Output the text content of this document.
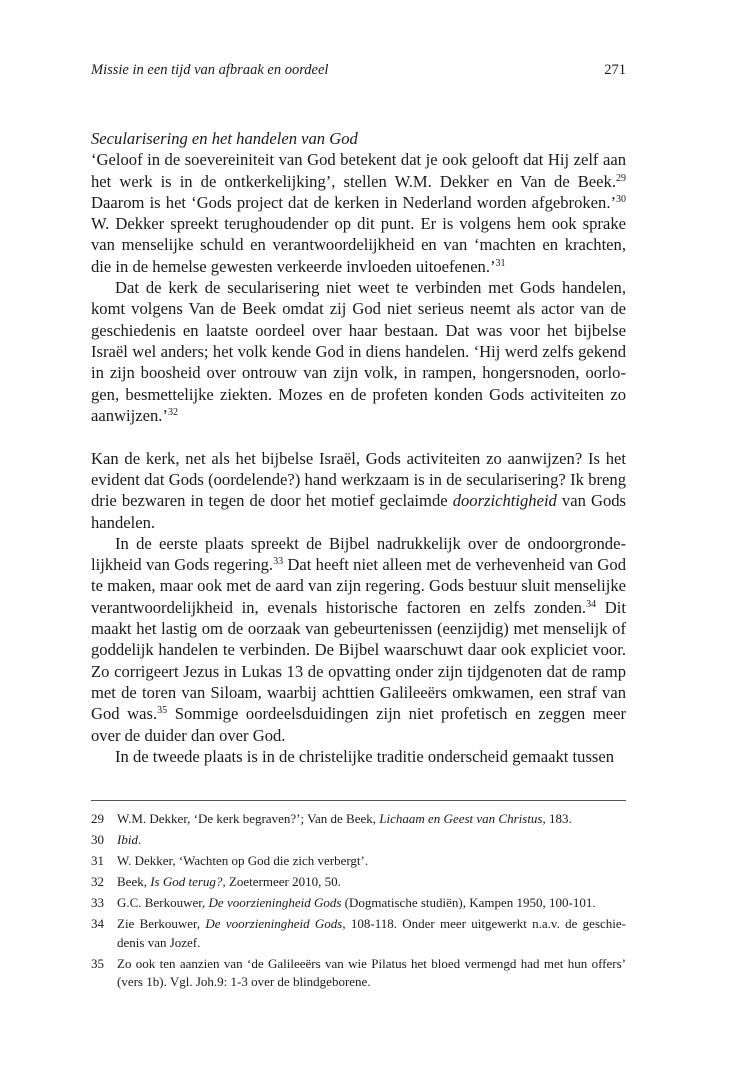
Missie in een tijd van afbraak en oordeel	271

Secularisering en het handelen van God

‘Geloof in de soevereiniteit van God betekent dat je ook gelooft dat Hij zelf aan het werk is in de ontkerkelijking’, stellen W.M. Dekker en Van de Beek.$^{29}$ Daarom is het ‘Gods project dat de kerken in Nederland worden afgebroken.’$^{30}$ W. Dekker spreekt terughoudender op dit punt. Er is volgens hem ook sprake van menselijke schuld en verantwoordelijkheid en van ‘machten en krachten, die in de hemelse gewesten verkeerde invloeden uitoefenen.’$^{31}$

Dat de kerk de secularisering niet weet te verbinden met Gods handelen, komt volgens Van de Beek omdat zij God niet serieus neemt als actor van de geschiedenis en laatste oordeel over haar bestaan. Dat was voor het bijbelse Israël wel anders; het volk kende God in diens handelen. ‘Hij werd zelfs gekend in zijn boosheid over ontrouw van zijn volk, in rampen, hongersnoden, oorlogen, besmettelijke ziekten. Mozes en de profeten konden Gods activiteiten zo aanwijzen.’$^{32}$

Kan de kerk, net als het bijbelse Israël, Gods activiteiten zo aanwijzen? Is het evident dat Gods (oordelende?) hand werkzaam is in de secularisering? Ik breng drie bezwaren in tegen de door het motief geclaimde doorzichtigheid van Gods handelen.

In de eerste plaats spreekt de Bijbel nadrukkelijk over de ondoorgrondelijkheid van Gods regering.$^{33}$ Dat heeft niet alleen met de verhevenheid van God te maken, maar ook met de aard van zijn regering. Gods bestuur sluit menselijke verantwoordelijkheid in, evenals historische factoren en zelfs zonden.$^{34}$ Dit maakt het lastig om de oorzaak van gebeurtenissen (eenzijdig) met menselijk of goddelijk handelen te verbinden. De Bijbel waarschuwt daar ook expliciet voor. Zo corrigeert Jezus in Lukas 13 de opvatting onder zijn tijdgenoten dat de ramp met de toren van Siloam, waarbij achttien Galileeërs omkwamen, een straf van God was.$^{35}$ Sommige oordeelsduidingen zijn niet profetisch en zeggen meer over de duider dan over God.

In de tweede plaats is in de christelijke traditie onderscheid gemaakt tussen

29	W.M. Dekker, ‘De kerk begraven?’; Van de Beek, Lichaam en Geest van Christus, 183.
30	Ibid.
31	W. Dekker, ‘Wachten op God die zich verbergt’.
32	Beek, Is God terug?, Zoetermeer 2010, 50.
33	G.C. Berkouwer, De voorzieningheid Gods (Dogmatische studiën), Kampen 1950, 100-101.
34	Zie Berkouwer, De voorzieningheid Gods, 108-118. Onder meer uitgewerkt n.a.v. de geschiedenis van Jozef.
35	Zo ook ten aanzien van ‘de Galileeërs van wie Pilatus het bloed vermengd had met hun offers’ (vers 1b). Vgl. Joh.9: 1-3 over de blindgeborene.
